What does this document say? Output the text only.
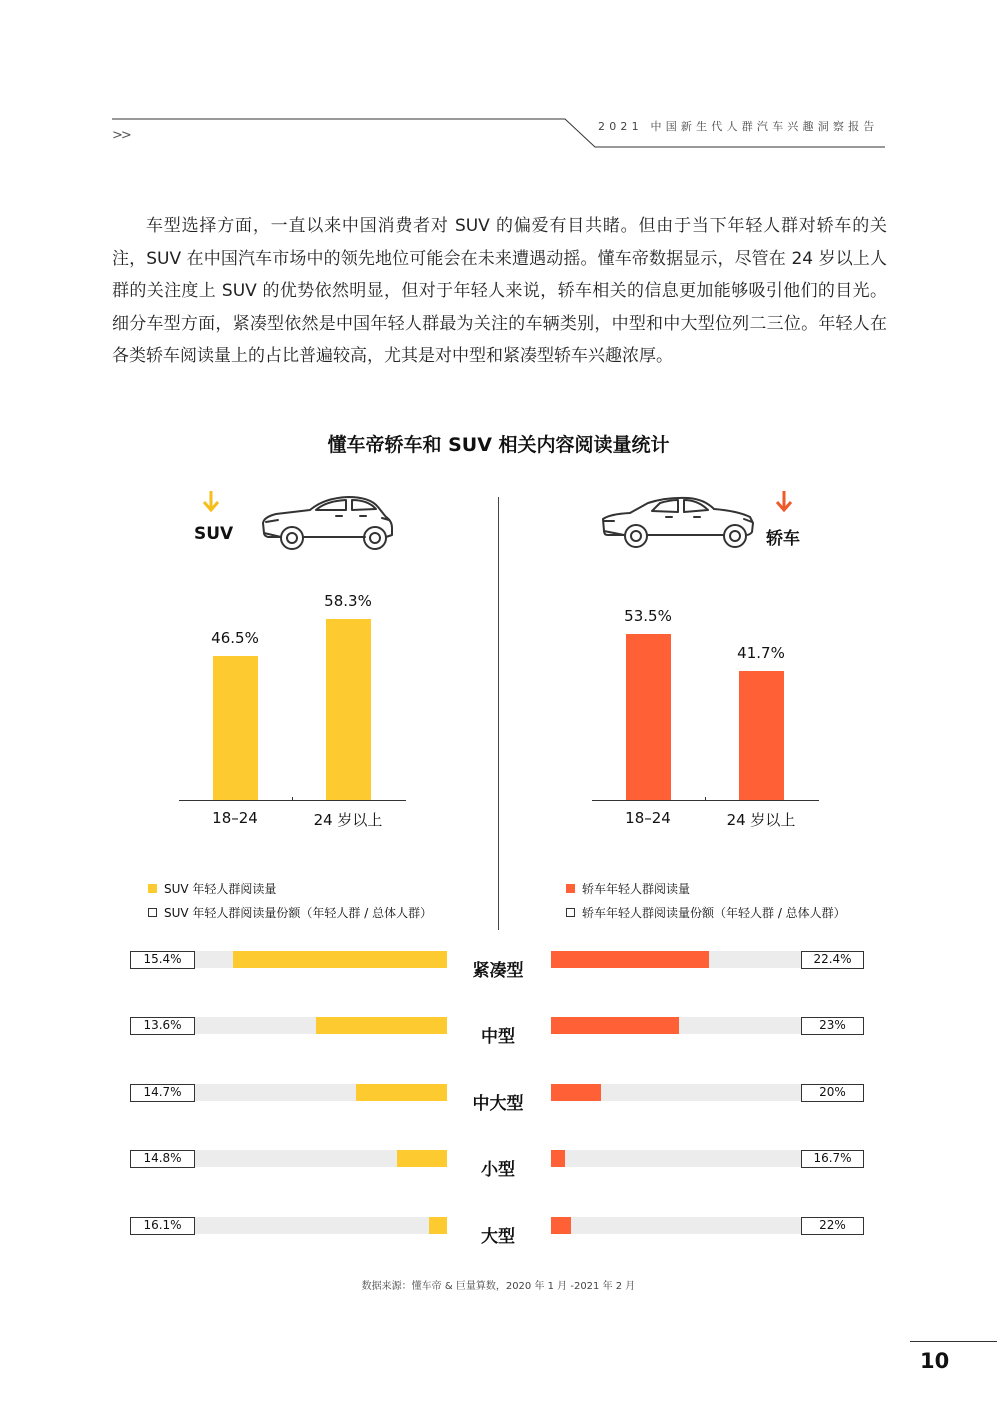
>>
2021 中国新生代人群汽车兴趣洞察报告

车型选择方面，一直以来中国消费者对 SUV 的偏爱有目共睹。但由于当下年轻人群对轿车的关注，SUV 在中国汽车市场中的领先地位可能会在未来遭遇动摇。懂车帝数据显示，尽管在 24 岁以上人群的关注度上 SUV 的优势依然明显，但对于年轻人来说，轿车相关的信息更加能够吸引他们的目光。细分车型方面，紧凑型依然是中国年轻人群最为关注的车辆类别，中型和中大型位列二三位。年轻人在各类轿车阅读量上的占比普遍较高，尤其是对中型和紧凑型轿车兴趣浓厚。

懂车帝轿车和 SUV 相关内容阅读量统计
SUV	轿车
46.5%
58.3%
18–24	24 岁以上
53.5%
41.7%
18–24	24 岁以上
SUV 年轻人群阅读量
SUV 年轻人群阅读量份额（年轻人群 / 总体人群）
轿车年轻人群阅读量
轿车年轻人群阅读量份额（年轻人群 / 总体人群）
15.4%
紧凑型
22.4%
13.6%
中型
23%
14.7%
中大型
20%
14.8%
小型
16.7%
16.1%
大型
22%
数据来源：懂车帝 & 巨量算数，2020 年 1 月 -2021 年 2 月
10
